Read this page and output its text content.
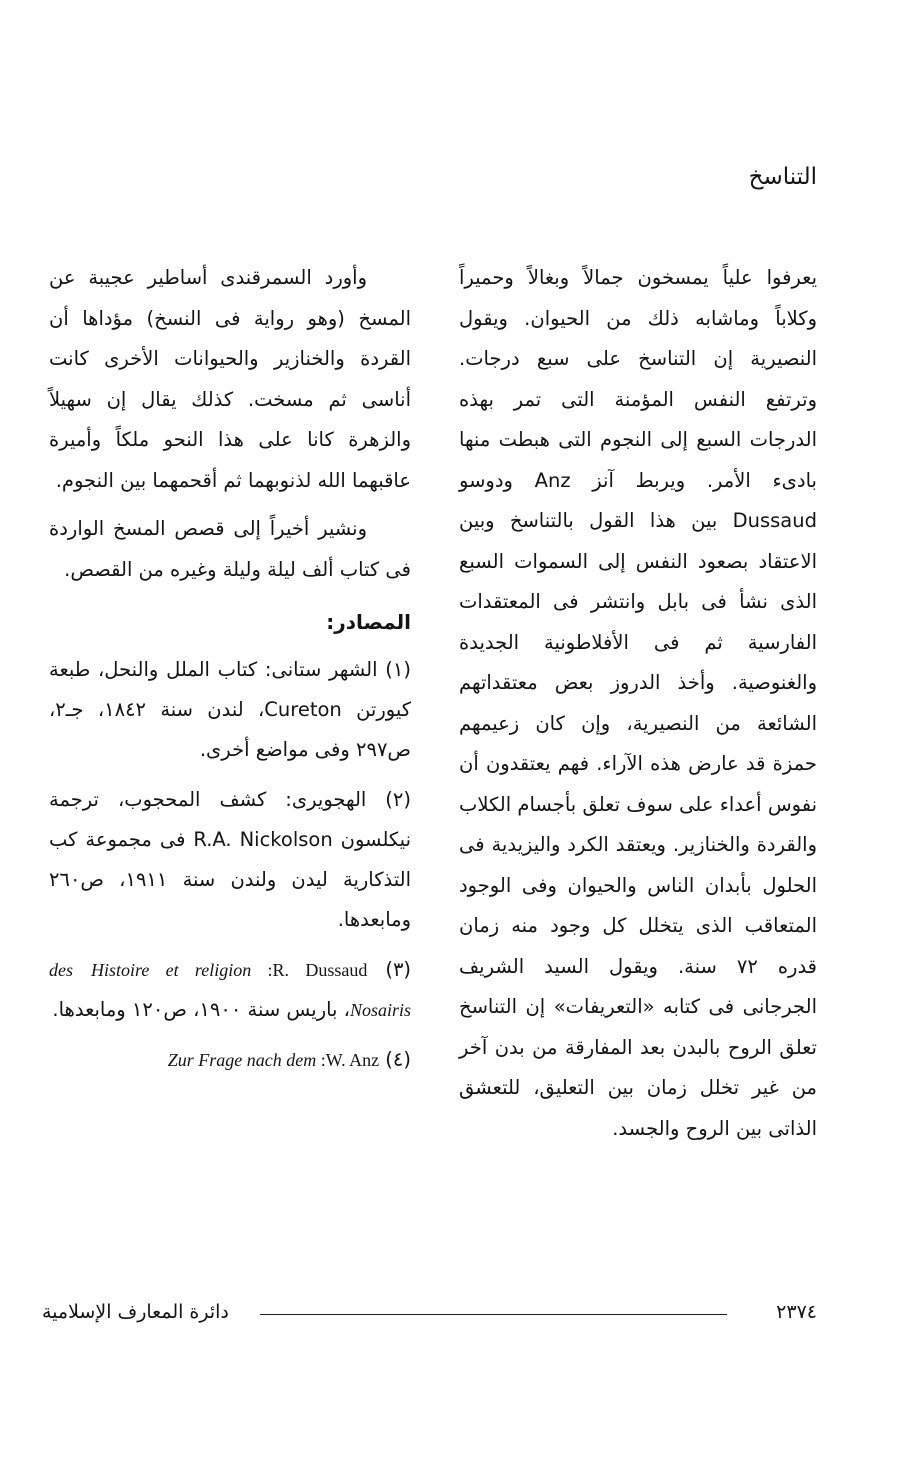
التناسخ

يعرفوا علياً يمسخون جمالاً وبغالاً وحميراً وكلاباً وماشابه ذلك من الحيوان. ويقول النصيرية إن التناسخ على سبع درجات. وترتفع النفس المؤمنة التى تمر بهذه الدرجات السبع إلى النجوم التى هبطت منها بادىء الأمر. ويربط آنز Anz ودوسو Dussaud بين هذا القول بالتناسخ وبين الاعتقاد بصعود النفس إلى السموات السبع الذى نشأ فى بابل وانتشر فى المعتقدات الفارسية ثم فى الأفلاطونية الجديدة والغنوصية. وأخذ الدروز بعض معتقداتهم الشائعة من النصيرية، وإن كان زعيمهم حمزة قد عارض هذه الآراء. فهم يعتقدون أن نفوس أعداء على سوف تعلق بأجسام الكلاب والقردة والخنازير. ويعتقد الكرد واليزيدية فى الحلول بأبدان الناس والحيوان وفى الوجود المتعاقب الذى يتخلل كل وجود منه زمان قدره ٧٢ سنة. ويقول السيد الشريف الجرجانى فى كتابه «التعريفات» إن التناسخ تعلق الروح بالبدن بعد المفارقة من بدن آخر من غير تخلل زمان بين التعليق، للتعشق الذاتى بين الروح والجسد.

وأورد السمرقندى أساطير عجيبة عن المسخ (وهو رواية فى النسخ) مؤداها أن القردة والخنازير والحيوانات الأخرى كانت أناسى ثم مسخت. كذلك يقال إن سهيلاً والزهرة كانا على هذا النحو ملكاً وأميرة عاقبهما الله لذنوبهما ثم أقحمهما بين النجوم.

ونشير أخيراً إلى قصص المسخ الواردة فى كتاب ألف ليلة وليلة وغيره من القصص.

المصادر:
(١) الشهر ستانى: كتاب الملل والنحل، طبعة كيورتن Cureton، لندن سنة ١٨٤٢، جـ٢، ص٢٩٧ وفى مواضع أخرى.
(٢) الهجويرى: كشف المحجوب، ترجمة نيكلسون R.A. Nickolson فى مجموعة كب التذكارية ليدن ولندن سنة ١٩١١، ص٢٦٠ ومابعدها.
(٣) Histoire et religion :R. Dussaud des Nosairis، باريس سنة ١٩٠٠، ص١٢٠ ومابعدها.
(٤) Zur Frage nach dem :W. Anz
دائرة المعارف الإسلامية	٢٣٧٤
